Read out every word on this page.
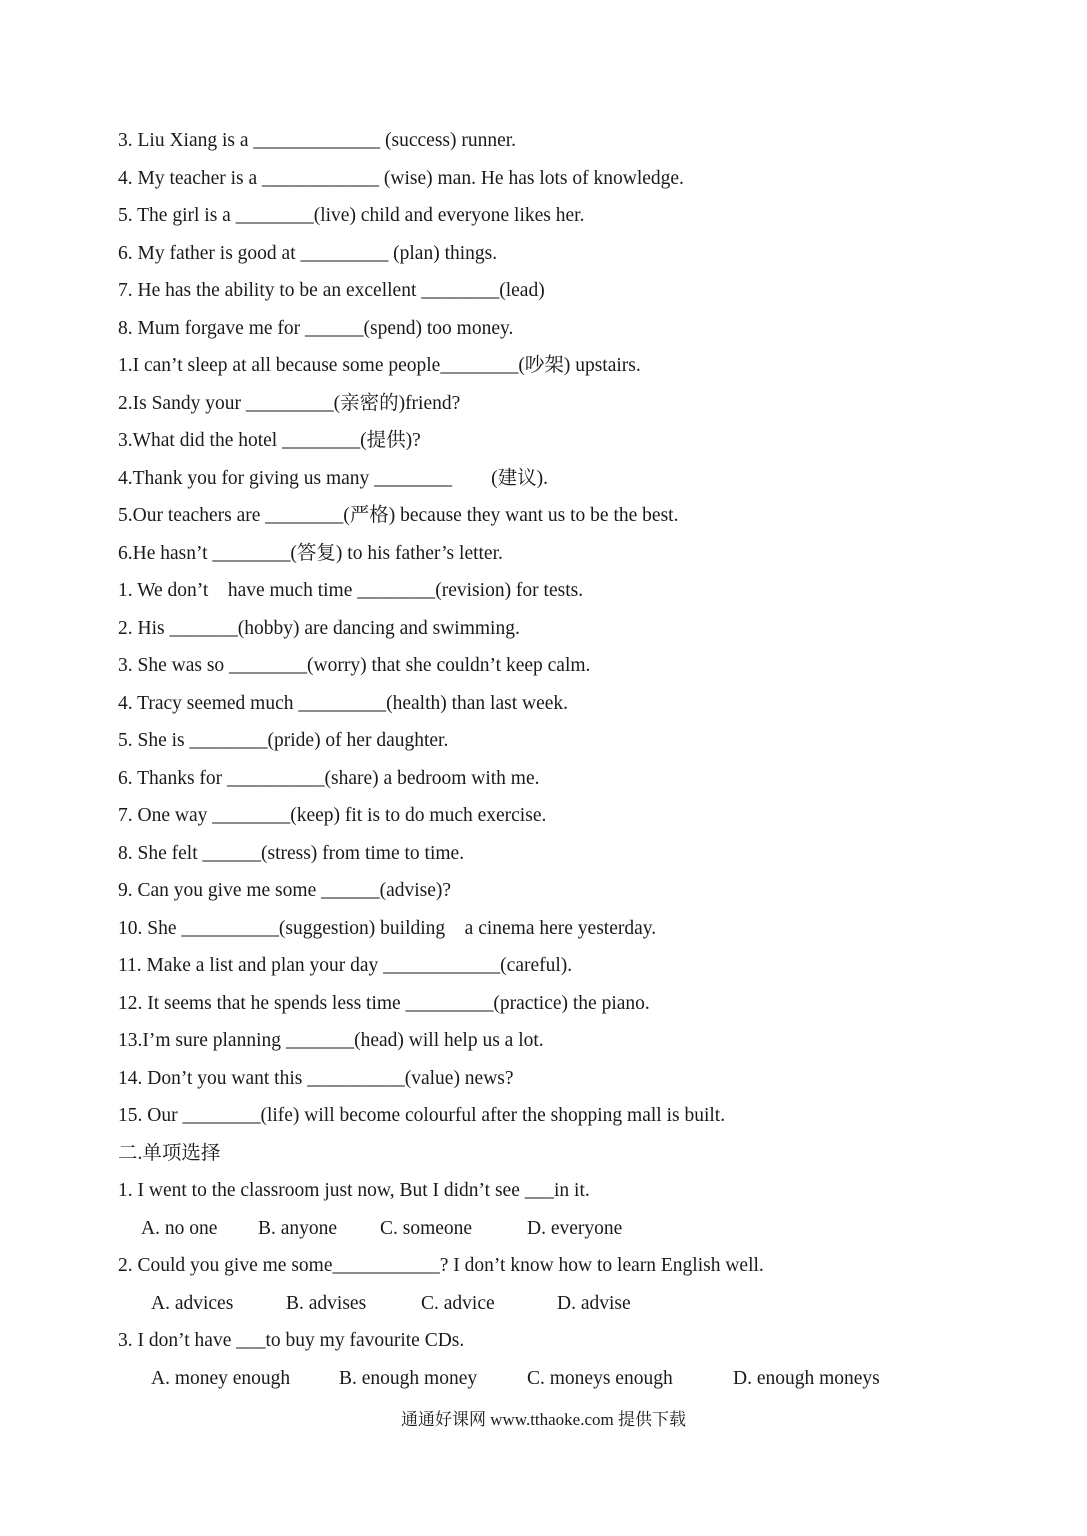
3. Liu Xiang is a _____________ (success) runner.
4. My teacher is a ____________ (wise) man. He has lots of knowledge.
5. The girl is a ________(live) child and everyone likes her.
6. My father is good at _________ (plan) things.
7. He has the ability to be an excellent ________(lead)
8. Mum forgave me for ______(spend) too money.
1.I can’t sleep at all because some people________(吵架) upstairs.
2.Is Sandy your _________(亲密的)friend?
3.What did the hotel ________(提供)?
4.Thank you for giving us many ________        (建议).
5.Our teachers are ________(严格) because they want us to be the best.
6.He hasn’t ________(答复) to his father’s letter.
1. We don’t    have much time ________(revision) for tests.
2. His _______(hobby) are dancing and swimming.
3. She was so ________(worry) that she couldn’t keep calm.
4. Tracy seemed much _________(health) than last week.
5. She is ________(pride) of her daughter.
6. Thanks for __________(share) a bedroom with me.
7. One way ________(keep) fit is to do much exercise.
8. She felt ______(stress) from time to time.
9. Can you give me some ______(advise)?
10. She __________(suggestion) building    a cinema here yesterday.
11. Make a list and plan your day ____________(careful).
12. It seems that he spends less time _________(practice) the piano.
13.I’m sure planning _______(head) will help us a lot.
14. Don’t you want this __________(value) news?
15. Our ________(life) will become colourful after the shopping mall is built.
二.单项选择
1. I went to the classroom just now, But I didn’t see ___in it.
A. no one	B. anyone	C. someone	D. everyone
2. Could you give me some___________? I don’t know how to learn English well.
A. advices	B. advises	C. advice	D. advise
3. I don’t have ___to buy my favourite CDs.
A. money enough	B. enough money	C. moneys enough	D. enough moneys
通通好课网 www.tthaoke.com 提供下载
